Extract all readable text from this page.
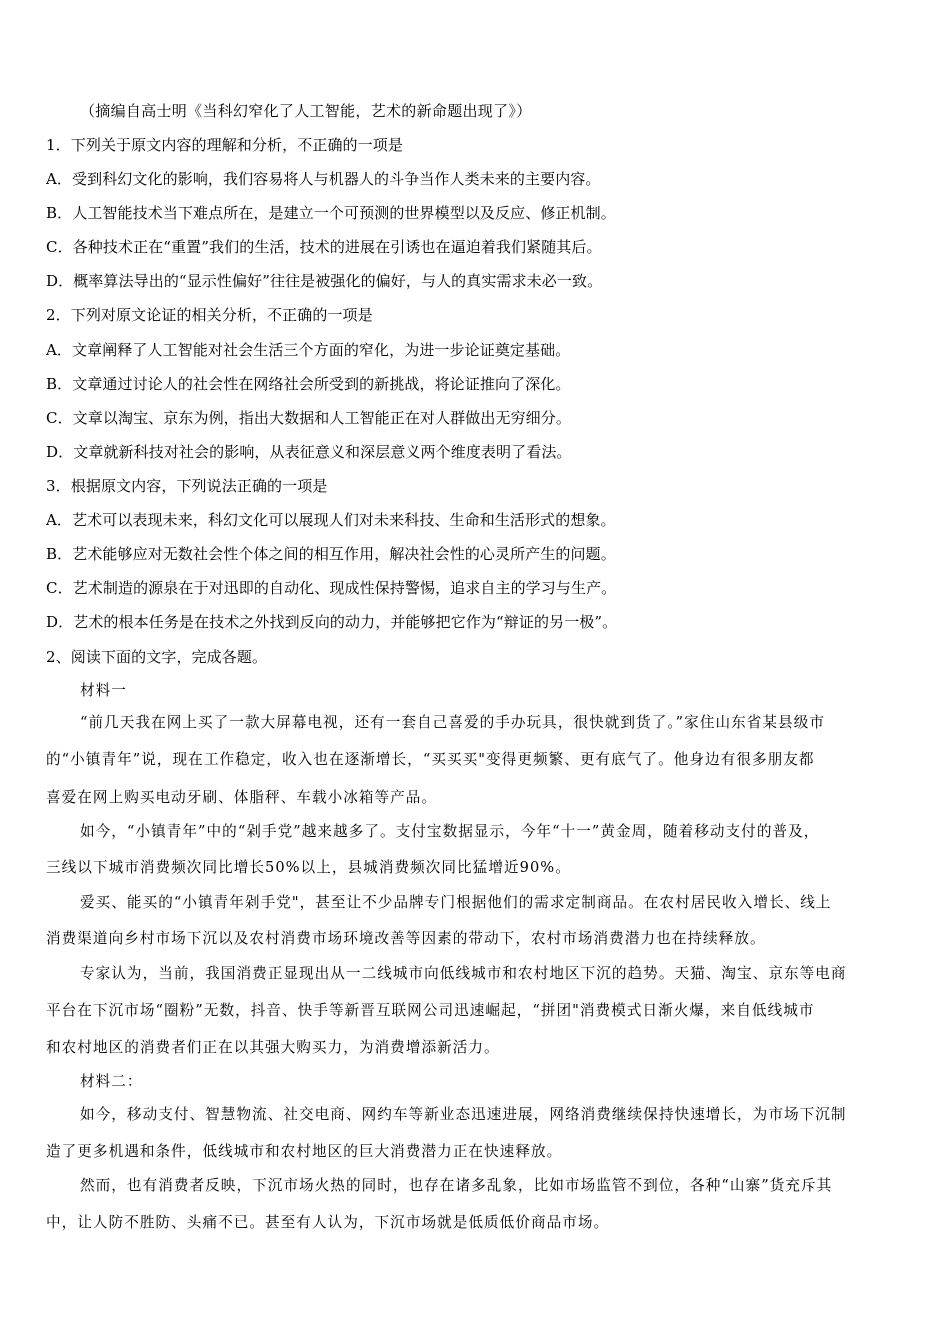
（摘编自高士明《当科幻窄化了人工智能，艺术的新命题出现了》）
1．下列关于原文内容的理解和分析，不正确的一项是
A．受到科幻文化的影响，我们容易将人与机器人的斗争当作人类未来的主要内容。
B．人工智能技术当下难点所在，是建立一个可预测的世界模型以及反应、修正机制。
C．各种技术正在“重置”我们的生活，技术的进展在引诱也在逼迫着我们紧随其后。
D．概率算法导出的“显示性偏好”往往是被强化的偏好，与人的真实需求未必一致。
2．下列对原文论证的相关分析，不正确的一项是
A．文章阐释了人工智能对社会生活三个方面的窄化，为进一步论证奠定基础。
B．文章通过讨论人的社会性在网络社会所受到的新挑战，将论证推向了深化。
C．文章以淘宝、京东为例，指出大数据和人工智能正在对人群做出无穷细分。
D．文章就新科技对社会的影响，从表征意义和深层意义两个维度表明了看法。
3．根据原文内容，下列说法正确的一项是
A．艺术可以表现未来，科幻文化可以展现人们对未来科技、生命和生活形式的想象。
B．艺术能够应对无数社会性个体之间的相互作用，解决社会性的心灵所产生的问题。
C．艺术制造的源泉在于对迅即的自动化、现成性保持警惕，追求自主的学习与生产。
D．艺术的根本任务是在技术之外找到反向的动力，并能够把它作为“辩证的另一极”。
2、阅读下面的文字，完成各题。
材料一
“前几天我在网上买了一款大屏幕电视，还有一套自己喜爱的手办玩具，很快就到货了。”家住山东省某县级市
的“小镇青年”说，现在工作稳定，收入也在逐渐增长，“买买买"变得更频繁、更有底气了。他身边有很多朋友都
喜爱在网上购买电动牙刷、体脂秤、车载小冰箱等产品。
如今，“小镇青年”中的“剁手党”越来越多了。支付宝数据显示，今年“十一”黄金周，随着移动支付的普及，
三线以下城市消费频次同比增长50%以上，县城消费频次同比猛增近90%。
爱买、能买的“小镇青年剁手党"，甚至让不少品牌专门根据他们的需求定制商品。在农村居民收入增长、线上
消费渠道向乡村市场下沉以及农村消费市场环境改善等因素的带动下，农村市场消费潜力也在持续释放。
专家认为，当前，我国消费正显现出从一二线城市向低线城市和农村地区下沉的趋势。天猫、淘宝、京东等电商
平台在下沉市场“圈粉”无数，抖音、快手等新晋互联网公司迅速崛起，“拼团"消费模式日渐火爆，来自低线城市
和农村地区的消费者们正在以其强大购买力，为消费增添新活力。
材料二：
如今，移动支付、智慧物流、社交电商、网约车等新业态迅速进展，网络消费继续保持快速增长，为市场下沉制
造了更多机遇和条件，低线城市和农村地区的巨大消费潜力正在快速释放。
然而，也有消费者反映，下沉市场火热的同时，也存在诸多乱象，比如市场监管不到位，各种“山寨”货充斥其
中，让人防不胜防、头痛不已。甚至有人认为，下沉市场就是低质低价商品市场。
